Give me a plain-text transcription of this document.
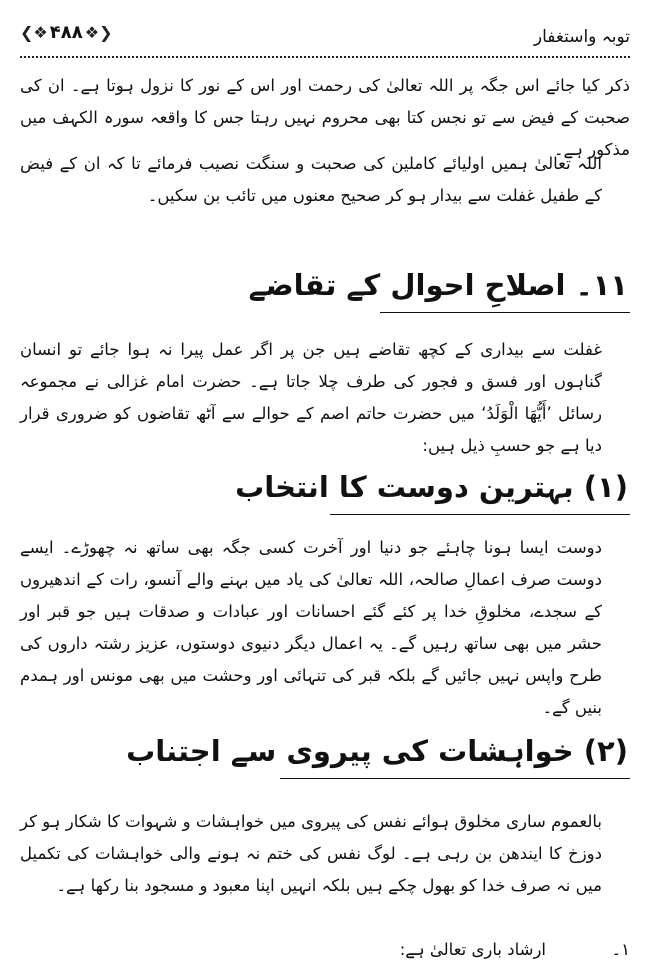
توبہ واستغفار
❮❖ ۴۸۸ ❖❯

ذکر کیا جائے اس جگہ پر اللہ تعالیٰ کی رحمت اور اس کے نور کا نزول ہوتا ہے۔ ان کی صحبت کے فیض سے تو نجس کتا بھی محروم نہیں رہتا جس کا واقعہ سورہ الکہف میں مذکور ہے۔

اللہ تعالیٰ ہمیں اولیائے کاملین کی صحبت و سنگت نصیب فرمائے تا کہ ان کے فیض کے طفیل غفلت سے بیدار ہو کر صحیح معنوں میں تائب بن سکیں۔

۱۱۔ اصلاحِ احوال کے تقاضے

غفلت سے بیداری کے کچھ تقاضے ہیں جن پر اگر عمل پیرا نہ ہوا جائے تو انسان گناہوں اور فسق و فجور کی طرف چلا جاتا ہے۔ حضرت امام غزالی نے مجموعہ رسائل ’أَیُّھَا الْوَلَدُ‘ میں حضرت حاتم اصم کے حوالے سے آٹھ تقاضوں کو ضروری قرار دیا ہے جو حسبِ ذیل ہیں:

(۱) بہترین دوست کا انتخاب

دوست ایسا ہونا چاہئے جو دنیا اور آخرت کسی جگہ بھی ساتھ نہ چھوڑے۔ ایسے دوست صرف اعمالِ صالحہ، اللہ تعالیٰ کی یاد میں بہنے والے آنسو، رات کے اندھیروں کے سجدے، مخلوقِ خدا پر کئے گئے احسانات اور عبادات و صدقات ہیں جو قبر اور حشر میں بھی ساتھ رہیں گے۔ یہ اعمال دیگر دنیوی دوستوں، عزیز رشتہ داروں کی طرح واپس نہیں جائیں گے بلکہ قبر کی تنہائی اور وحشت میں بھی مونس اور ہمدم بنیں گے۔

(۲) خواہشات کی پیروی سے اجتناب

بالعموم ساری مخلوق ہوائے نفس کی پیروی میں خواہشات و شہوات کا شکار ہو کر دوزخ کا ایندھن بن رہی ہے۔ لوگ نفس کی ختم نہ ہونے والی خواہشات کی تکمیل میں نہ صرف خدا کو بھول چکے ہیں بلکہ انہیں اپنا معبود و مسجود بنا رکھا ہے۔

۱۔
ارشاد باری تعالیٰ ہے:
